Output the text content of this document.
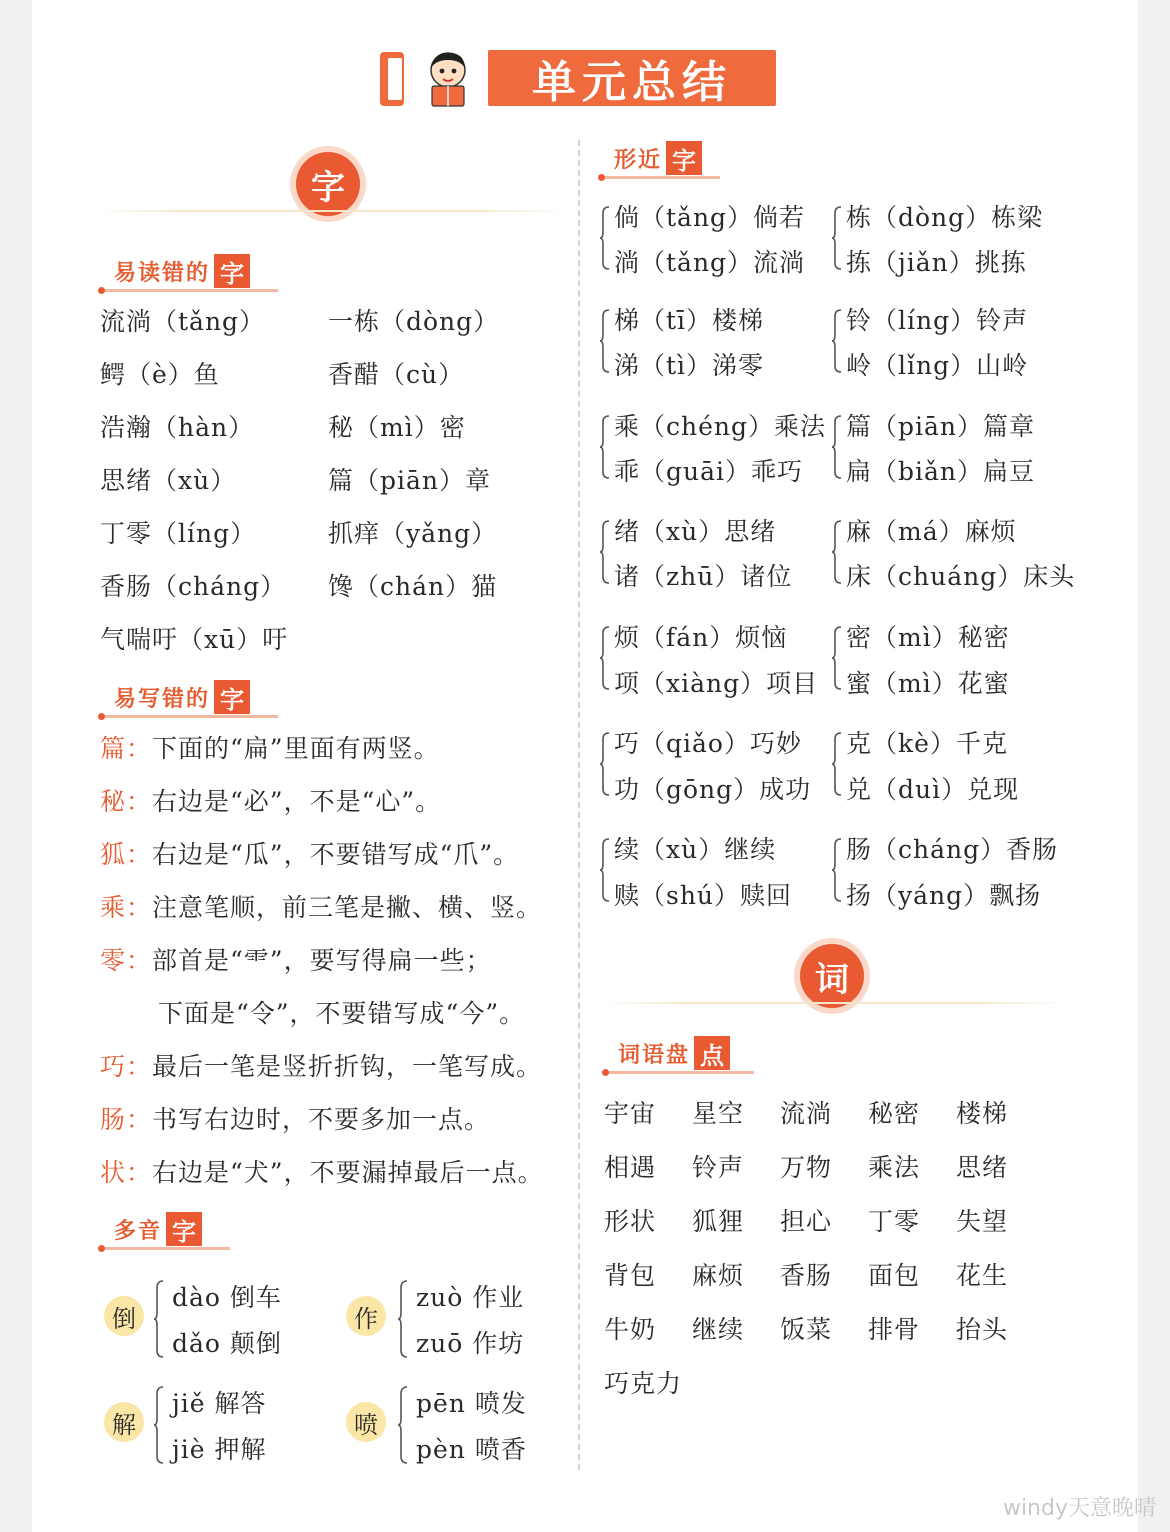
单元总结
字
易读错的 字
流淌（tǎng）
鳄（è）鱼
浩瀚（hàn）
思绪（xù）
丁零（líng）
香肠（cháng）
气喘吁（xū）吁
一栋（dòng）
香醋（cù）
秘（mì）密
篇（piān）章
抓痒（yǎng）
馋（chán）猫
易写错的 字
篇：下面的“扁”里面有两竖。
秘：右边是“必”，不是“心”。
狐：右边是“瓜”，不要错写成“爪”。
乘：注意笔顺，前三笔是撇、横、竖。
零：部首是“⻗”，要写得扁一些；
下面是“令”，不要错写成“今”。
巧：最后一笔是竖折折钩，一笔写成。
肠：书写右边时，不要多加一点。
状：右边是“犬”，不要漏掉最后一点。
多音 字
倒
dào 倒车
dǎo 颠倒
作
zuò 作业
zuō 作坊
解
jiě 解答
jiè 押解
喷
pēn 喷发
pèn 喷香
形近 字
倘（tǎng）倘若
淌（tǎng）流淌
栋（dòng）栋梁
拣（jiǎn）挑拣
梯（tī）楼梯
涕（tì）涕零
铃（líng）铃声
岭（lǐng）山岭
乘（chéng）乘法
乖（guāi）乖巧
篇（piān）篇章
扁（biǎn）扁豆
绪（xù）思绪
诸（zhū）诸位
麻（má）麻烦
床（chuáng）床头
烦（fán）烦恼
项（xiàng）项目
密（mì）秘密
蜜（mì）花蜜
巧（qiǎo）巧妙
功（gōng）成功
克（kè）千克
兑（duì）兑现
续（xù）继续
赎（shú）赎回
肠（cháng）香肠
扬（yáng）飘扬
词
词语盘 点
宇宙 星空 流淌 秘密 楼梯
相遇 铃声 万物 乘法 思绪
形状 狐狸 担心 丁零 失望
背包 麻烦 香肠 面包 花生
牛奶 继续 饭菜 排骨 抬头
巧克力
windy天意晚晴
